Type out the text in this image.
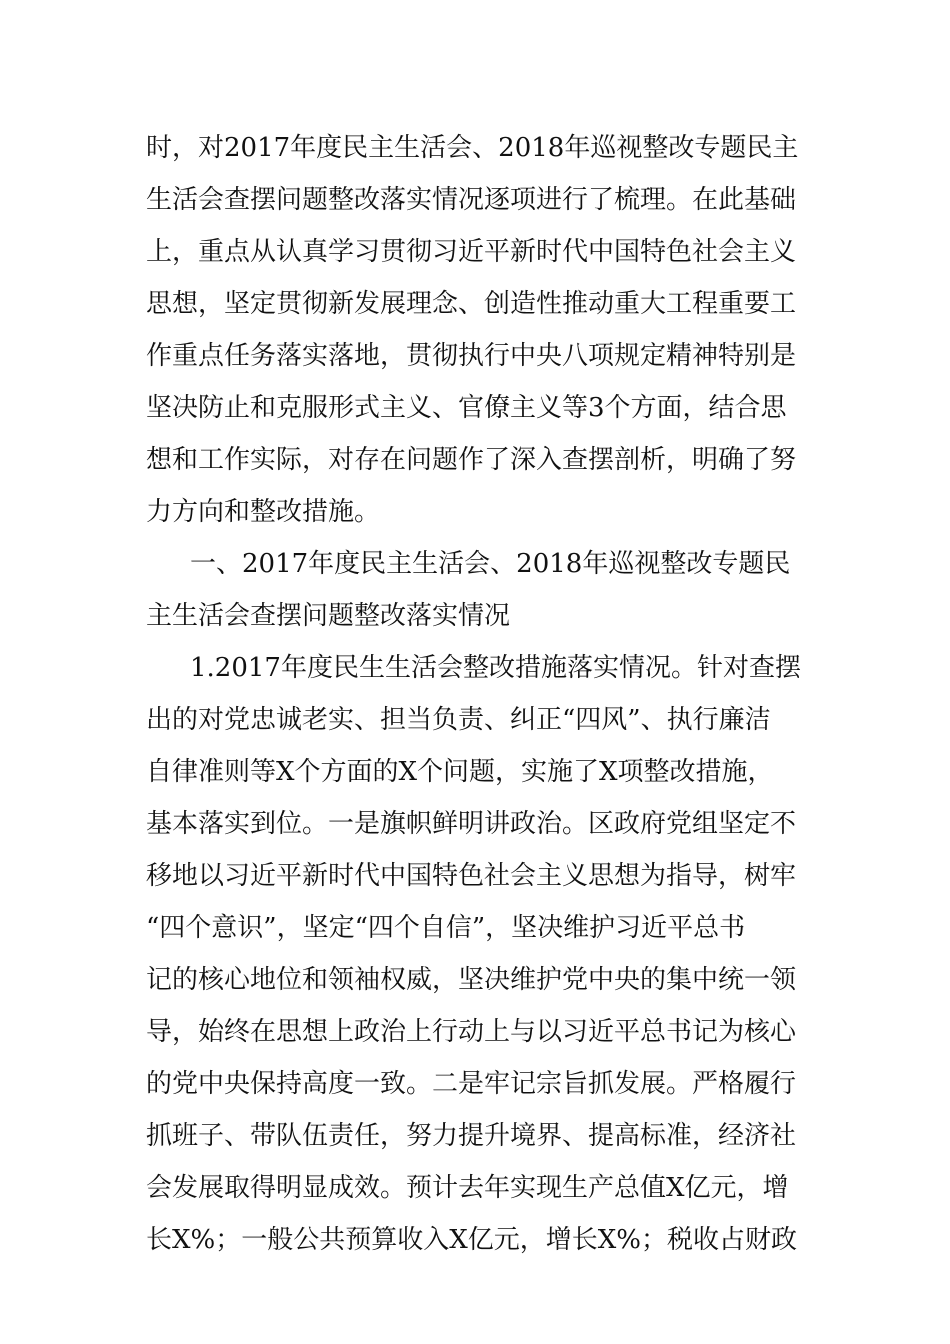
时，对2017年度民主生活会、2018年巡视整改专题民主
生活会查摆问题整改落实情况逐项进行了梳理。在此基础
上，重点从认真学习贯彻习近平新时代中国特色社会主义
思想，坚定贯彻新发展理念、创造性推动重大工程重要工
作重点任务落实落地，贯彻执行中央八项规定精神特别是
坚决防止和克服形式主义、官僚主义等3个方面，结合思
想和工作实际，对存在问题作了深入查摆剖析，明确了努
力方向和整改措施。
一、2017年度民主生活会、2018年巡视整改专题民
主生活会查摆问题整改落实情况
1.2017年度民生生活会整改措施落实情况。针对查摆
出的对党忠诚老实、担当负责、纠正“四风”、执行廉洁
自律准则等X个方面的X个问题，实施了X项整改措施，
基本落实到位。一是旗帜鲜明讲政治。区政府党组坚定不
移地以习近平新时代中国特色社会主义思想为指导，树牢
“四个意识”，坚定“四个自信”，坚决维护习近平总书
记的核心地位和领袖权威，坚决维护党中央的集中统一领
导，始终在思想上政治上行动上与以习近平总书记为核心
的党中央保持高度一致。二是牢记宗旨抓发展。严格履行
抓班子、带队伍责任，努力提升境界、提高标准，经济社
会发展取得明显成效。预计去年实现生产总值X亿元，增
长X%；一般公共预算收入X亿元，增长X%；税收占财政
